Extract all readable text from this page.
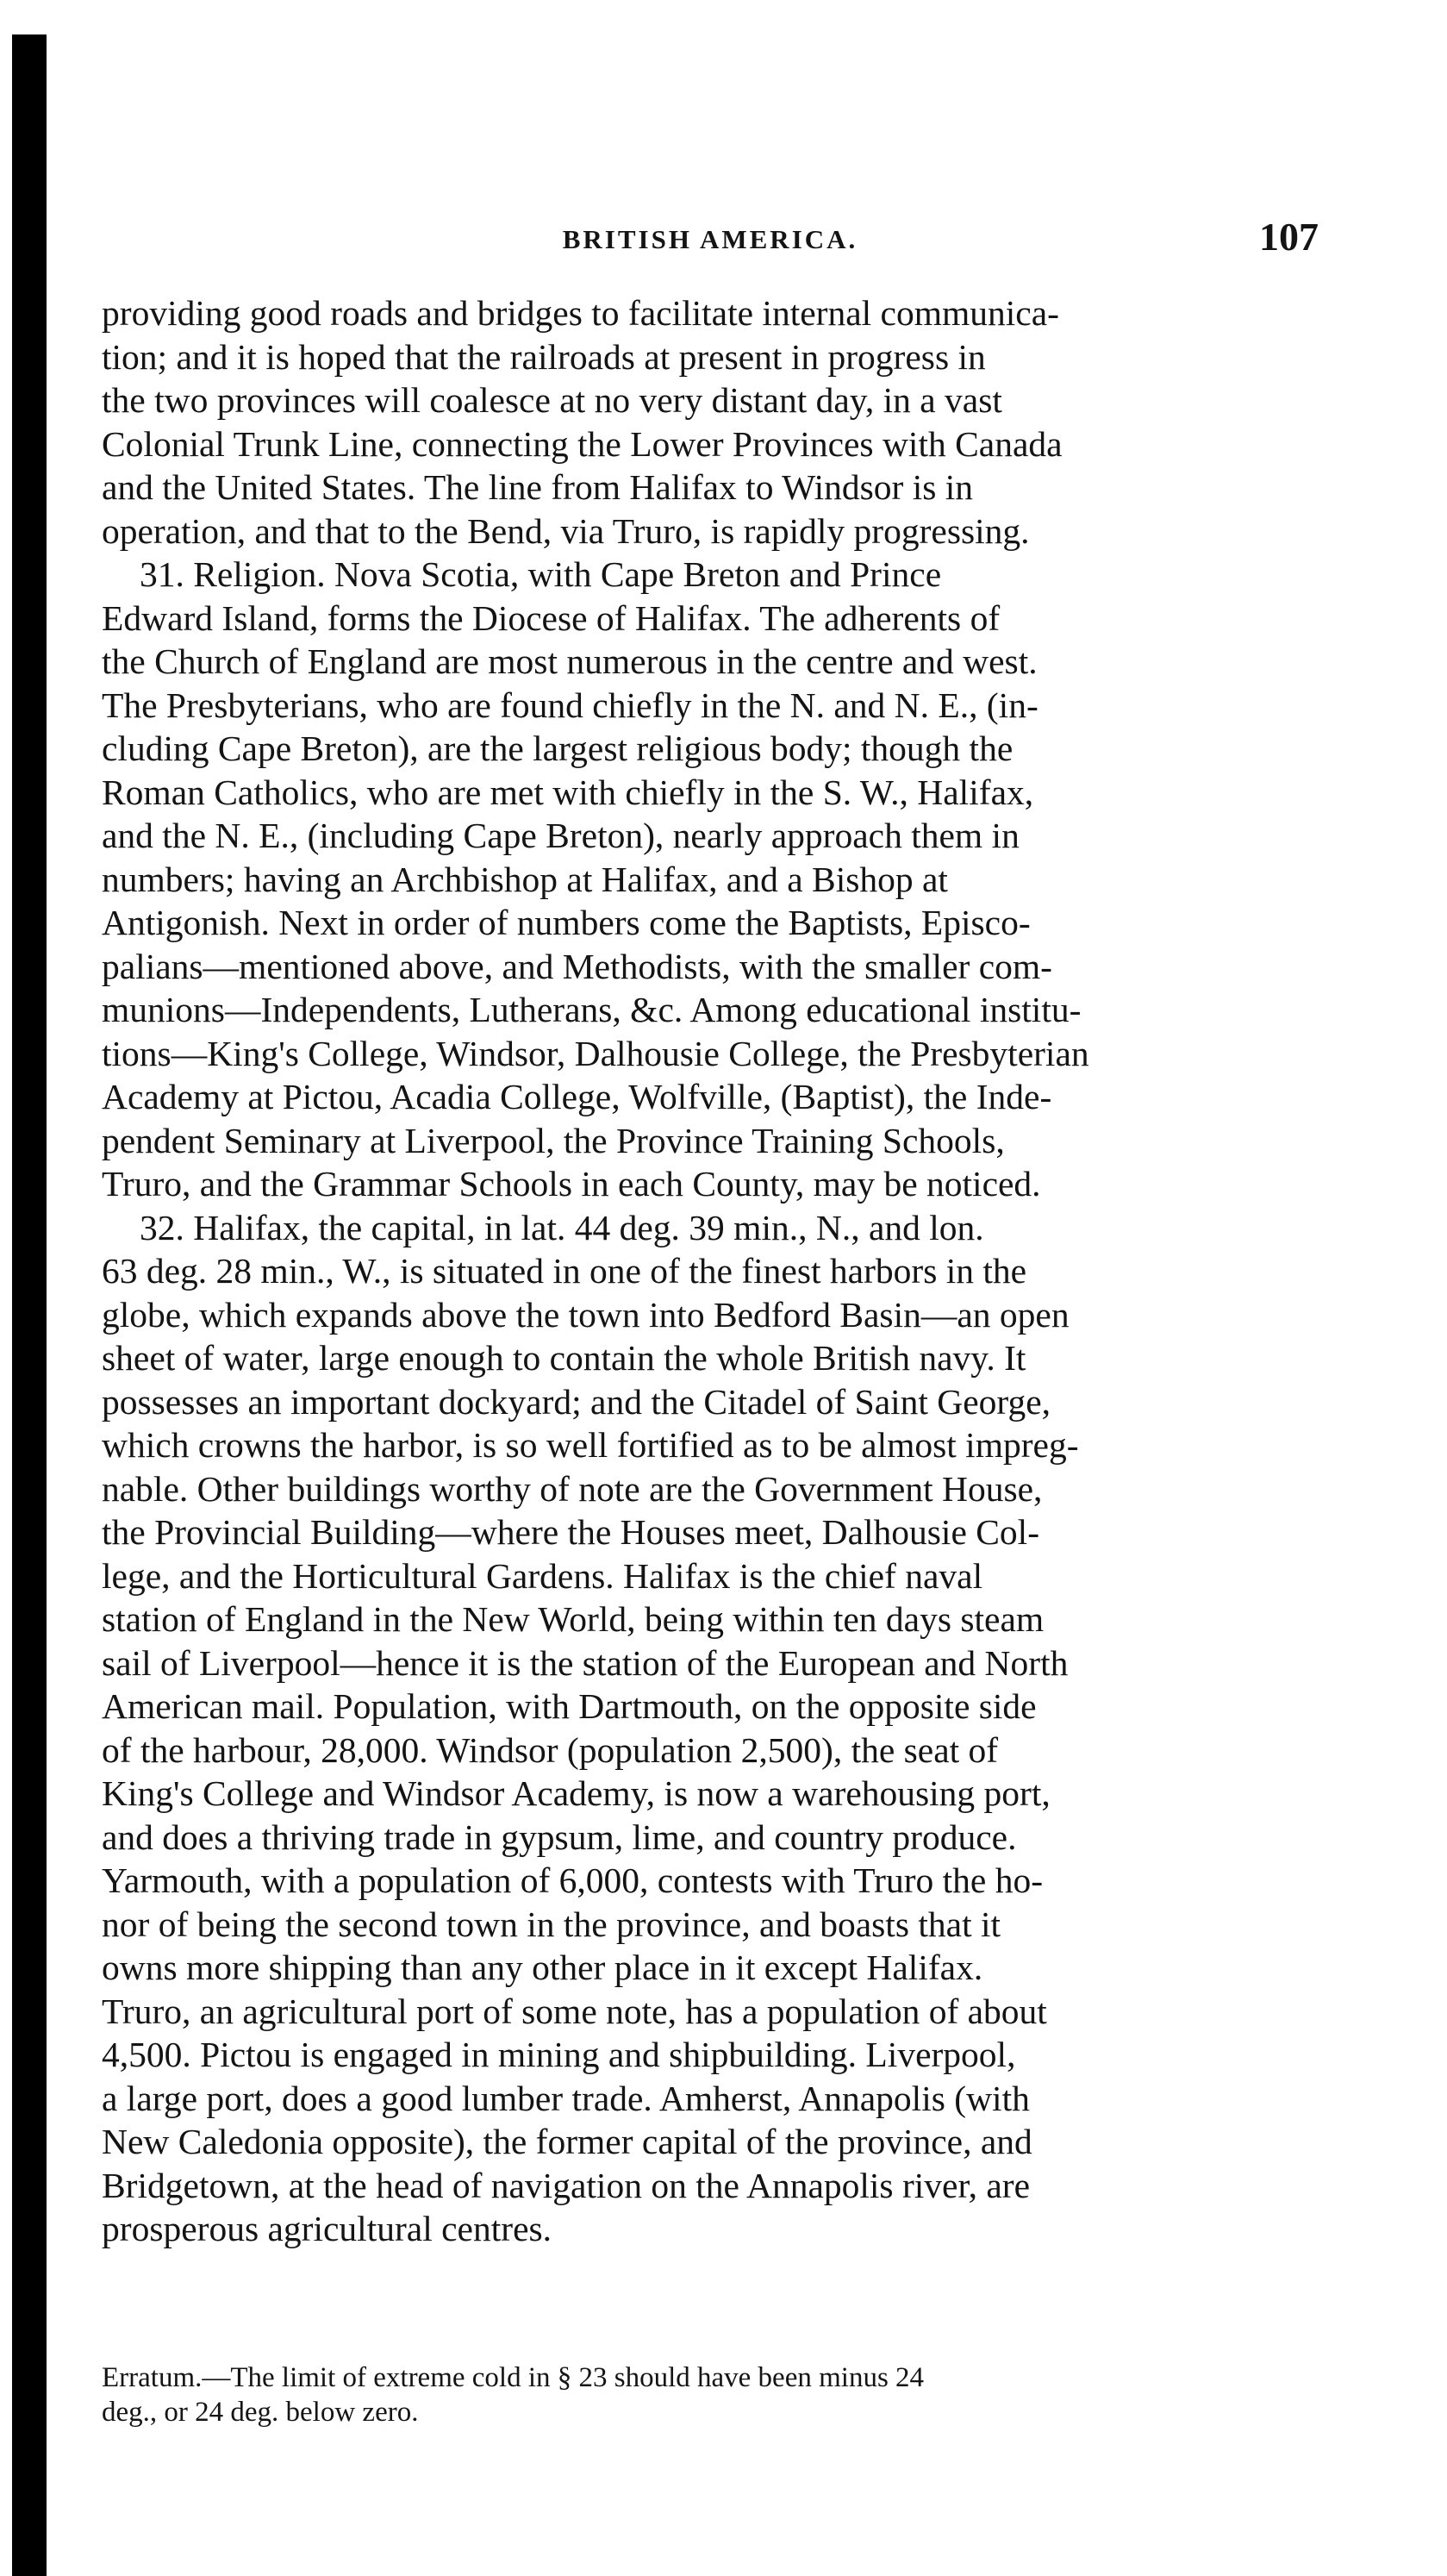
BRITISH AMERICA.	107

providing good roads and bridges to facilitate internal communica-

tion; and it is hoped that the railroads at present in progress in

the two provinces will coalesce at no very distant day, in a vast

Colonial Trunk Line, connecting the Lower Provinces with Canada

and the United States. The line from Halifax to Windsor is in

operation, and that to the Bend, via Truro, is rapidly progressing.

31. Religion. Nova Scotia, with Cape Breton and Prince

Edward Island, forms the Diocese of Halifax. The adherents of

the Church of England are most numerous in the centre and west.

The Presbyterians, who are found chiefly in the N. and N. E., (in-

cluding Cape Breton), are the largest religious body; though the

Roman Catholics, who are met with chiefly in the S. W., Halifax,

and the N. E., (including Cape Breton), nearly approach them in

numbers; having an Archbishop at Halifax, and a Bishop at

Antigonish. Next in order of numbers come the Baptists, Episco-

palians—mentioned above, and Methodists, with the smaller com-

munions—Independents, Lutherans, &c. Among educational institu-

tions—King's College, Windsor, Dalhousie College, the Presbyterian

Academy at Pictou, Acadia College, Wolfville, (Baptist), the Inde-

pendent Seminary at Liverpool, the Province Training Schools,

Truro, and the Grammar Schools in each County, may be noticed.

32. Halifax, the capital, in lat. 44 deg. 39 min., N., and lon.

63 deg. 28 min., W., is situated in one of the finest harbors in the

globe, which expands above the town into Bedford Basin—an open

sheet of water, large enough to contain the whole British navy. It

possesses an important dockyard; and the Citadel of Saint George,

which crowns the harbor, is so well fortified as to be almost impreg-

nable. Other buildings worthy of note are the Government House,

the Provincial Building—where the Houses meet, Dalhousie Col-

lege, and the Horticultural Gardens. Halifax is the chief naval

station of England in the New World, being within ten days steam

sail of Liverpool—hence it is the station of the European and North

American mail. Population, with Dartmouth, on the opposite side

of the harbour, 28,000. Windsor (population 2,500), the seat of

King's College and Windsor Academy, is now a warehousing port,

and does a thriving trade in gypsum, lime, and country produce.

Yarmouth, with a population of 6,000, contests with Truro the ho-

nor of being the second town in the province, and boasts that it

owns more shipping than any other place in it except Halifax.

Truro, an agricultural port of some note, has a population of about

4,500. Pictou is engaged in mining and shipbuilding. Liverpool,

a large port, does a good lumber trade. Amherst, Annapolis (with

New Caledonia opposite), the former capital of the province, and

Bridgetown, at the head of navigation on the Annapolis river, are

prosperous agricultural centres.

Erratum.—The limit of extreme cold in § 23 should have been minus 24

deg., or 24 deg. below zero.
